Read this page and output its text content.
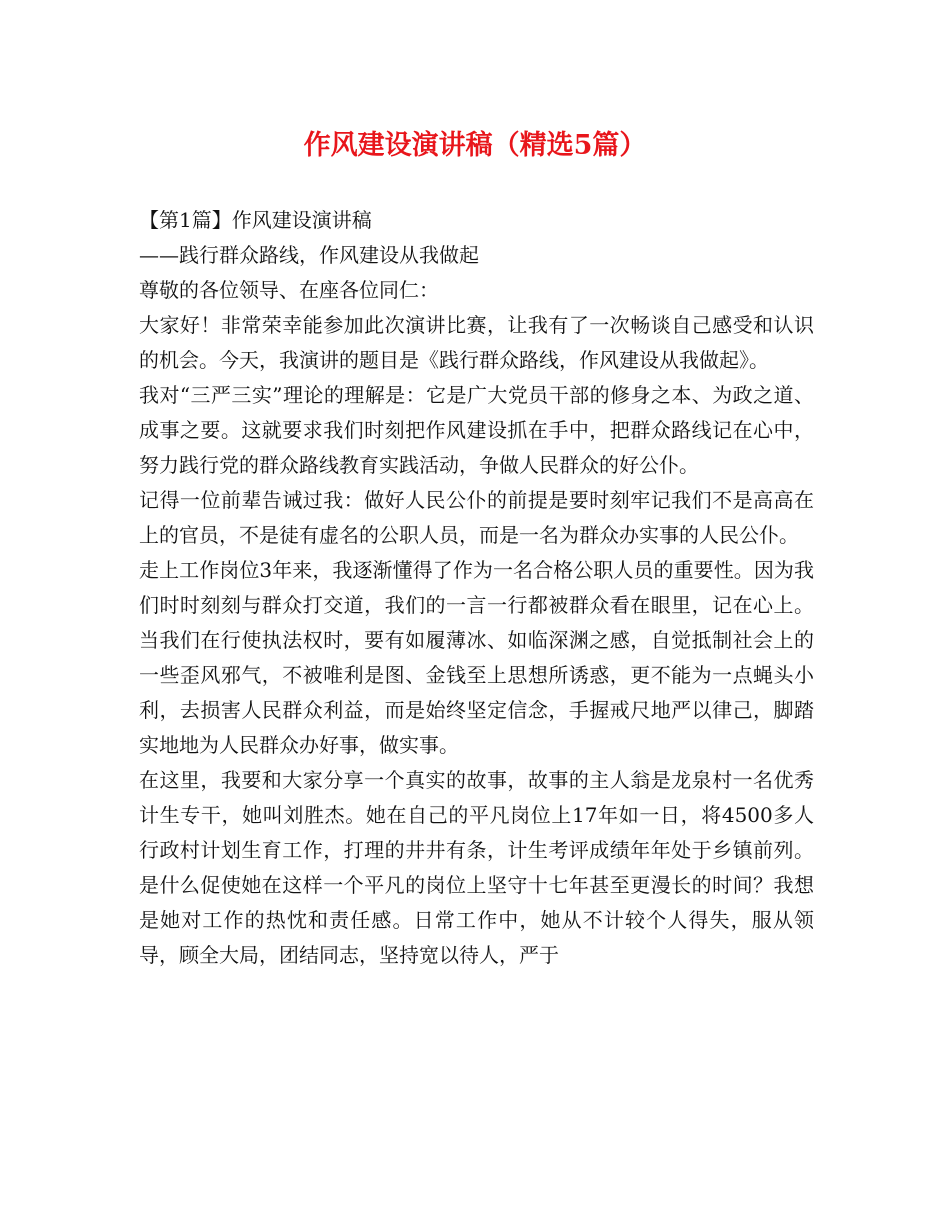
作风建设演讲稿（精选5篇）

【第1篇】作风建设演讲稿

——践行群众路线，作风建设从我做起

尊敬的各位领导、在座各位同仁：

大家好！非常荣幸能参加此次演讲比赛，让我有了一次畅谈自己感受和认识的机会。今天，我演讲的题目是《践行群众路线，作风建设从我做起》。

我对“三严三实”理论的理解是：它是广大党员干部的修身之本、为政之道、成事之要。这就要求我们时刻把作风建设抓在手中，把群众路线记在心中，努力践行党的群众路线教育实践活动，争做人民群众的好公仆。

记得一位前辈告诫过我：做好人民公仆的前提是要时刻牢记我们不是高高在上的官员，不是徒有虚名的公职人员，而是一名为群众办实事的人民公仆。

走上工作岗位3年来，我逐渐懂得了作为一名合格公职人员的重要性。因为我们时时刻刻与群众打交道，我们的一言一行都被群众看在眼里，记在心上。当我们在行使执法权时，要有如履薄冰、如临深渊之感，自觉抵制社会上的一些歪风邪气，不被唯利是图、金钱至上思想所诱惑，更不能为一点蝇头小利，去损害人民群众利益，而是始终坚定信念，手握戒尺地严以律己，脚踏实地地为人民群众办好事，做实事。

在这里，我要和大家分享一个真实的故事，故事的主人翁是龙泉村一名优秀计生专干，她叫刘胜杰。她在自己的平凡岗位上17年如一日，将4500多人行政村计划生育工作，打理的井井有条，计生考评成绩年年处于乡镇前列。是什么促使她在这样一个平凡的岗位上坚守十七年甚至更漫长的时间？我想是她对工作的热忱和责任感。日常工作中，她从不计较个人得失，服从领导，顾全大局，团结同志，坚持宽以待人，严于
